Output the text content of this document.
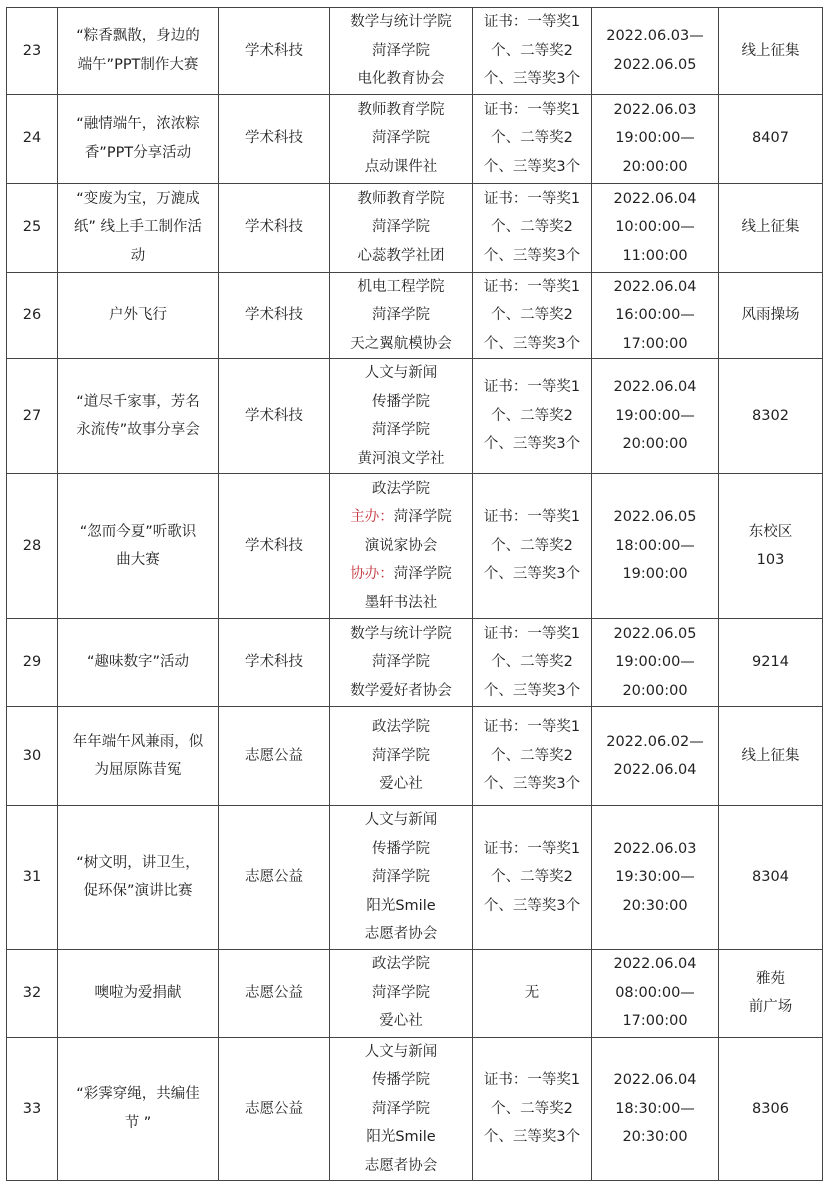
23	“粽香飘散，身边的
端午”PPT制作大赛	学术科技	数学与统计学院
菏泽学院
电化教育协会	证书：一等奖1
个、二等奖2
个、三等奖3个	2022.06.03—
2022.06.05	线上征集

24	“融情端午，浓浓粽
香”PPT分享活动	学术科技	教师教育学院
菏泽学院
点动课件社	证书：一等奖1
个、二等奖2
个、三等奖3个	2022.06.03
19:00:00—
20:00:00	8407

25	“变废为宝，万漉成
纸” 线上手工制作活
动	学术科技	教师教育学院
菏泽学院
心蕊教学社团	证书：一等奖1
个、二等奖2
个、三等奖3个	2022.06.04
10:00:00—
11:00:00	线上征集

26	户外飞行	学术科技	机电工程学院
菏泽学院
天之翼航模协会	证书：一等奖1
个、二等奖2
个、三等奖3个	2022.06.04
16:00:00—
17:00:00	风雨操场

27	“道尽千家事，芳名
永流传”故事分享会	学术科技	人文与新闻
传播学院
菏泽学院
黄河浪文学社	证书：一等奖1
个、二等奖2
个、三等奖3个	2022.06.04
19:00:00—
20:00:00	8302

28	“忽而今夏”听歌识
曲大赛	学术科技	政法学院
主办：菏泽学院
演说家协会
协办：菏泽学院
墨轩书法社	证书：一等奖1
个、二等奖2
个、三等奖3个	2022.06.05
18:00:00—
19:00:00	东校区
103

29	“趣味数字”活动	学术科技	数学与统计学院
菏泽学院
数学爱好者协会	证书：一等奖1
个、二等奖2
个、三等奖3个	2022.06.05
19:00:00—
20:00:00	9214

30	年年端午风兼雨，似
为屈原陈昔冤	志愿公益	政法学院
菏泽学院
爱心社	证书：一等奖1
个、二等奖2
个、三等奖3个	2022.06.02—
2022.06.04	线上征集

31	“树文明，讲卫生，
促环保”演讲比赛	志愿公益	人文与新闻
传播学院
菏泽学院
阳光Smile
志愿者协会	证书：一等奖1
个、二等奖2
个、三等奖3个	2022.06.03
19:30:00—
20:30:00	8304

32	噢啦为爱捐献	志愿公益	政法学院
菏泽学院
爱心社	无	2022.06.04
08:00:00—
17:00:00	雅苑
前广场

33	“彩霁穿绳，共编佳
节 ”	志愿公益	人文与新闻
传播学院
菏泽学院
阳光Smile
志愿者协会	证书：一等奖1
个、二等奖2
个、三等奖3个	2022.06.04
18:30:00—
20:30:00	8306
